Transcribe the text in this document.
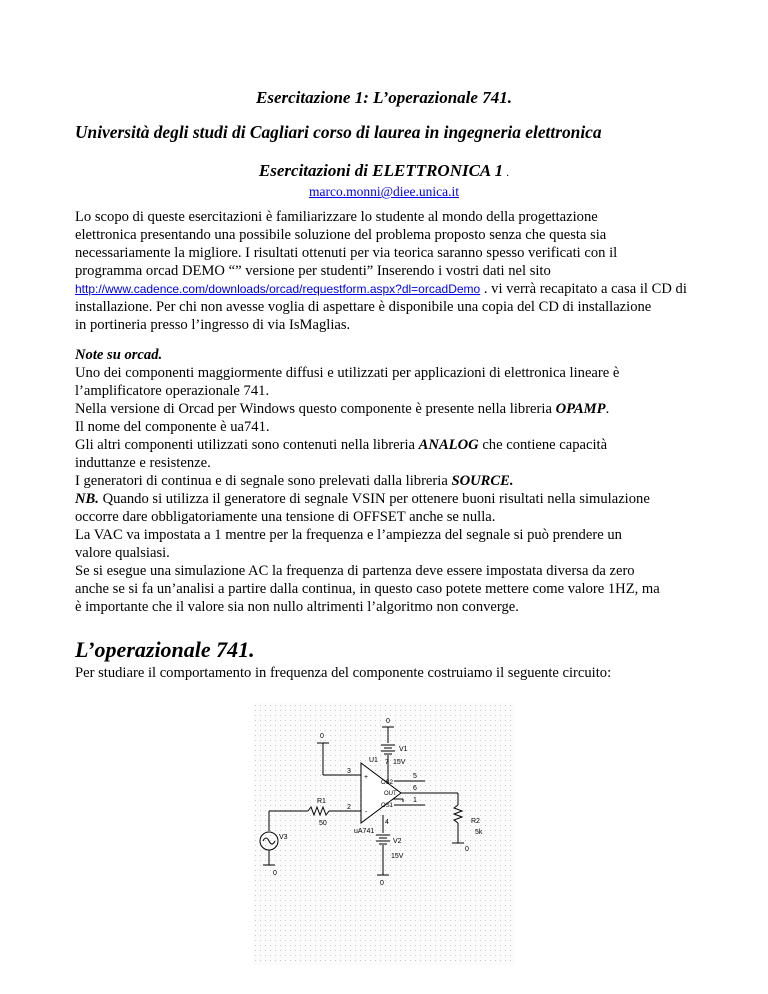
Esercitazione 1: L’operazionale 741.
Università degli studi di Cagliari corso di laurea in ingegneria elettronica
Esercitazioni di ELETTRONICA 1 .
marco.monni@diee.unica.it
Lo scopo di queste esercitazioni è familiarizzare lo studente al mondo della progettazione
elettronica presentando una possibile soluzione del problema proposto senza che questa sia
necessariamente la migliore. I risultati ottenuti per via teorica saranno spesso verificati con il
programma orcad DEMO “” versione per studenti” Inserendo i vostri dati nel sito
http://www.cadence.com/downloads/orcad/requestform.aspx?dl=orcadDemo . vi verrà recapitato a casa il CD di
installazione. Per chi non avesse voglia di aspettare è disponibile una copia del CD di installazione
in portineria presso l’ingresso di via IsMaglias.
Note su orcad.
Uno dei componenti maggiormente diffusi e utilizzati per applicazioni di elettronica lineare è
l’amplificatore operazionale 741.
Nella versione di Orcad per Windows questo componente è presente nella libreria OPAMP.
Il nome del componente è ua741.
Gli altri componenti utilizzati sono contenuti nella libreria ANALOG che contiene capacità
induttanze e resistenze.
I generatori di continua e di segnale sono prelevati dalla libreria SOURCE.
NB. Quando si utilizza il generatore di segnale VSIN per ottenere buoni risultati nella simulazione
occorre dare obbligatoriamente una tensione di OFFSET anche se nulla.
La VAC va impostata a 1 mentre per la frequenza e l’ampiezza del segnale si può prendere un
valore qualsiasi.
Se si esegue una simulazione AC la frequenza di partenza deve essere impostata diversa da zero
anche se si fa un’analisi a partire dalla continua, in questo caso potete mettere come valore 1HZ, ma
è importante che il valore sia non nullo altrimenti l’algoritmo non converge.
L’operazionale 741.
Per studiare il comportamento in frequenza del componente costruiamo il seguente circuito:
0
V1
15V
0
U1
3
2
7
4
5
6
1
+
-
OS2
OUT
OS1
R1
50
uA741
V3
R2
5k
V2
15V
0
0
0
